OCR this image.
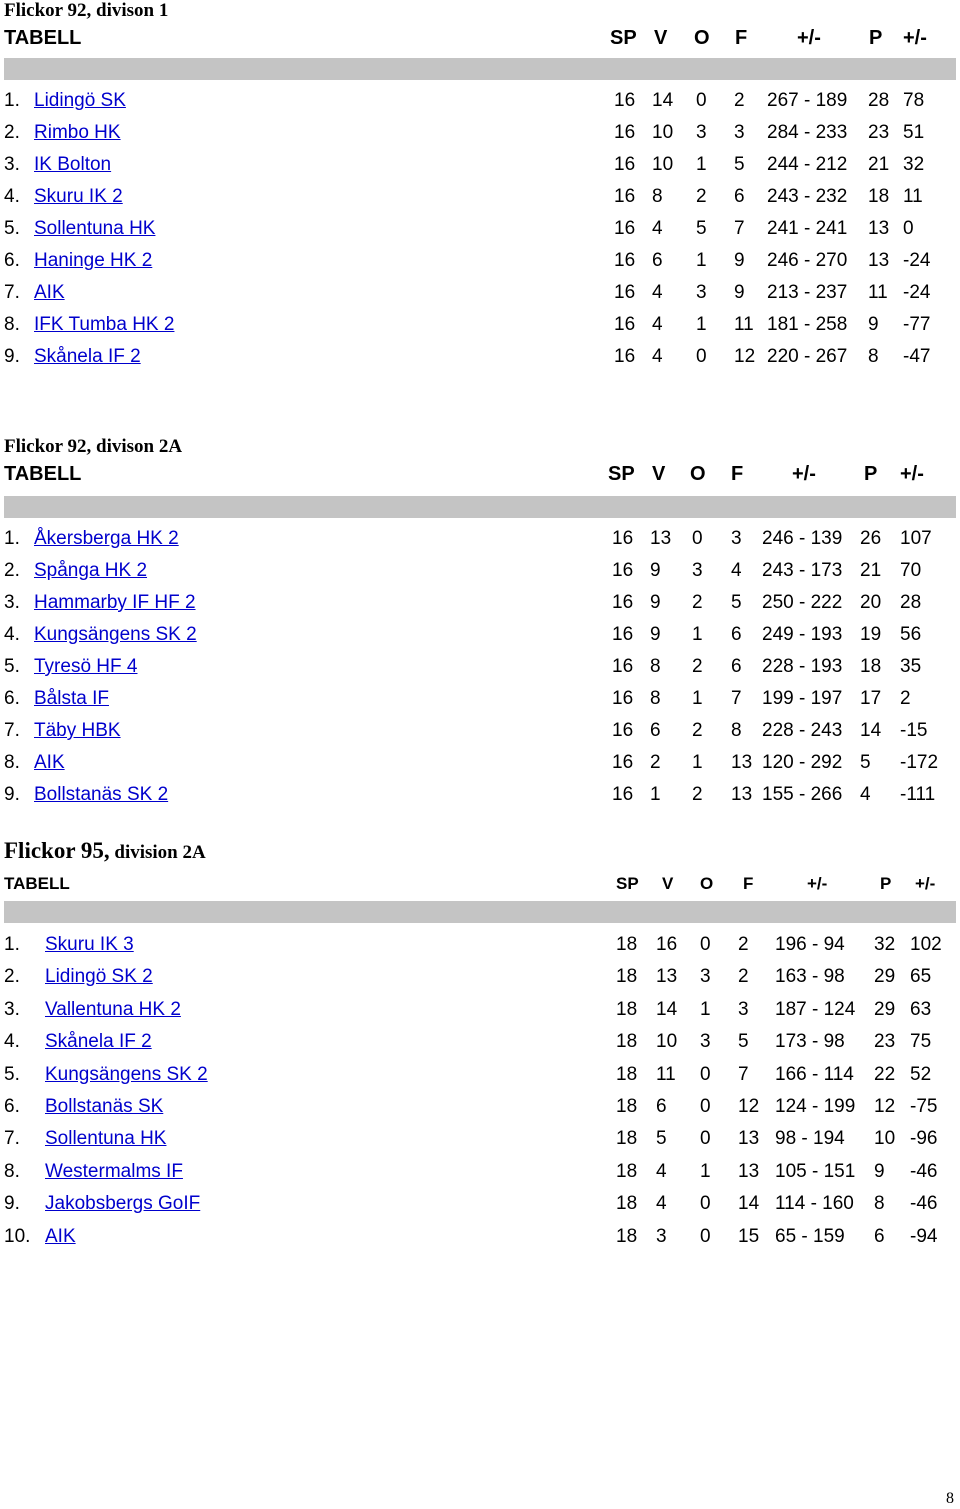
Flickor 92, divison 1
TABELL	SP V O F +/- P +/-
1. Lidingö SK	16 14 0 2 267 - 189 28 78
2. Rimbo HK	16 10 3 3 284 - 233 23 51
3. IK Bolton	16 10 1 5 244 - 212 21 32
4. Skuru IK 2	16 8 2 6 243 - 232 18 11
5. Sollentuna HK	16 4 5 7 241 - 241 13 0
6. Haninge HK 2	16 6 1 9 246 - 270 13 -24
7. AIK	16 4 3 9 213 - 237 11 -24
8. IFK Tumba HK 2	16 4 1 11 181 - 258 9 -77
9. Skånela IF 2	16 4 0 12 220 - 267 8 -47
Flickor 92, divison 2A
TABELL	SP V O F +/- P +/-
1. Åkersberga HK 2	16 13 0 3 246 - 139 26 107
2. Spånga HK 2	16 9 3 4 243 - 173 21 70
3. Hammarby IF HF 2	16 9 2 5 250 - 222 20 28
4. Kungsängens SK 2	16 9 1 6 249 - 193 19 56
5. Tyresö HF 4	16 8 2 6 228 - 193 18 35
6. Bålsta IF	16 8 1 7 199 - 197 17 2
7. Täby HBK	16 6 2 8 228 - 243 14 -15
8. AIK	16 2 1 13 120 - 292 5 -172
9. Bollstanäs SK 2	16 1 2 13 155 - 266 4 -111
Flickor 95, division 2A
TABELL	SP V O F	+/-	P +/-
1. Skuru IK 3	18 16 0 2 196 - 94 32 102
2. Lidingö SK 2	18 13 3 2 163 - 98 29 65
3. Vallentuna HK 2	18 14 1 3 187 - 124 29 63
4. Skånela IF 2	18 10 3 5 173 - 98 23 75
5. Kungsängens SK 2	18 11 0 7 166 - 114 22 52
6. Bollstanäs SK	18 6 0 12 124 - 199 12 -75
7. Sollentuna HK	18 5 0 13 98 - 194 10 -96
8. Westermalms IF	18 4 1 13 105 - 151 9 -46
9. Jakobsbergs GoIF	18 4 0 14 114 - 160 8 -46
10. AIK	18 3 0 15 65 - 159 6 -94
8
